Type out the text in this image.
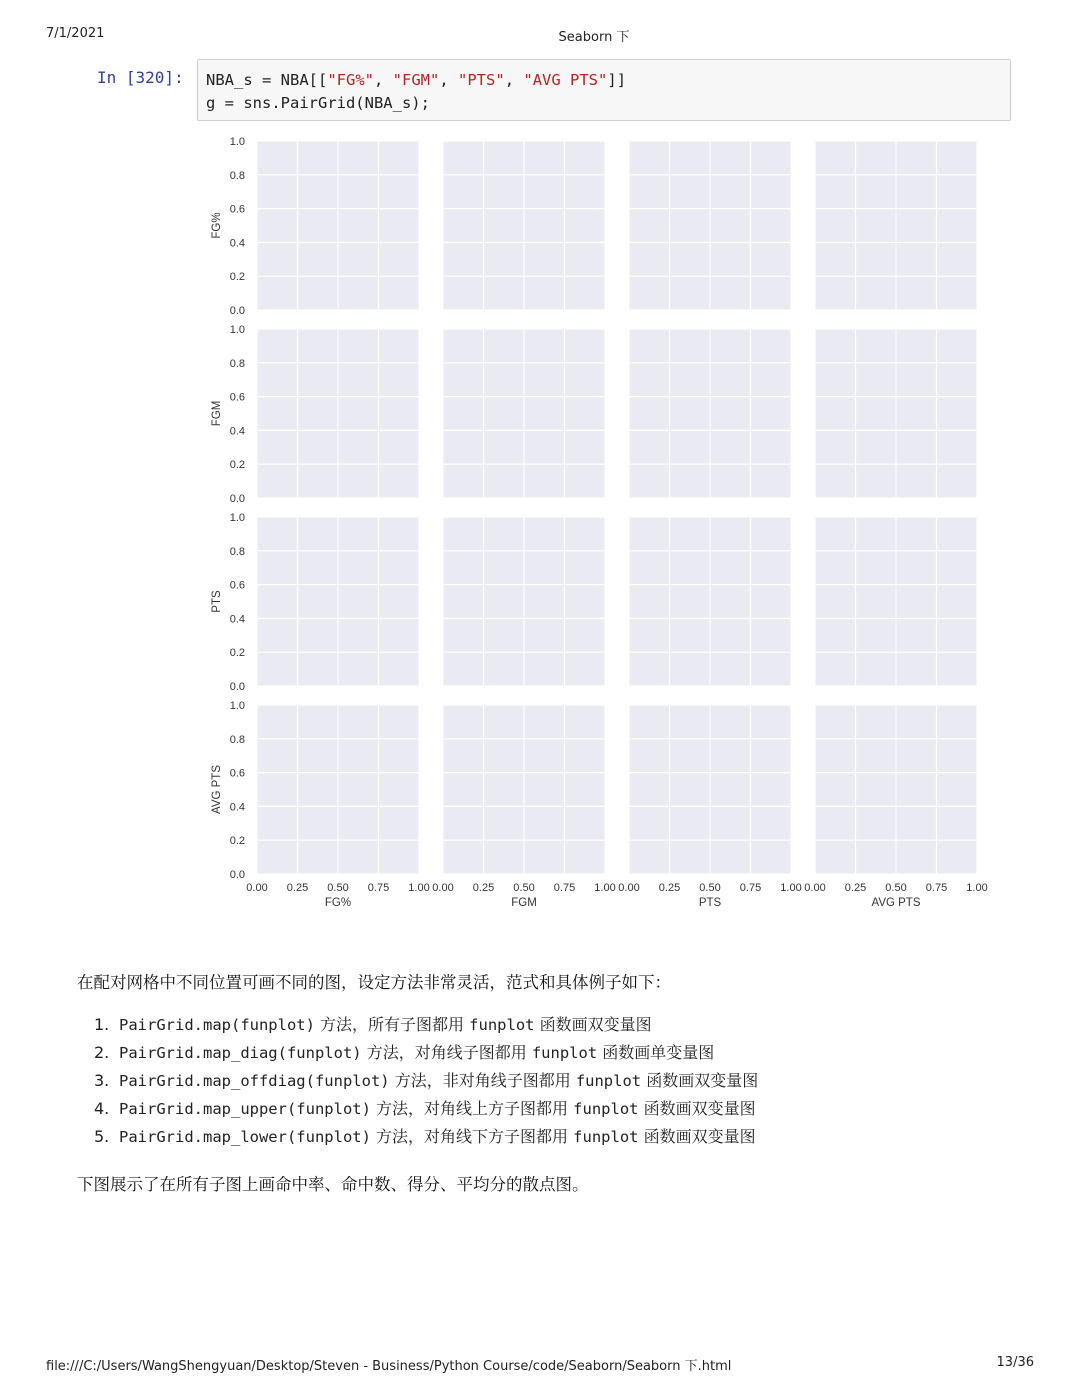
7/1/2021	Seaborn 下
In [320]:	NBA_s = NBA[["FG%", "FGM", "PTS", "AVG PTS"]]
g = sns.PairGrid(NBA_s);
0.0
0.2
0.4
0.6
0.8
1.0
FG%
0.0
0.2
0.4
0.6
0.8
1.0
FGM
0.0
0.2
0.4
0.6
0.8
1.0
PTS
0.0
0.2
0.4
0.6
0.8
1.0
AVG PTS
0.00 0.25 0.50 0.75 1.00
FG%
0.00 0.25 0.50 0.75 1.00
FGM
0.00 0.25 0.50 0.75 1.00
PTS
0.00 0.25 0.50 0.75 1.00
AVG PTS
在配对网格中不同位置可画不同的图，设定方法非常灵活，范式和具体例子如下：
1. PairGrid.map(funplot) 方法，所有子图都用 funplot 函数画双变量图
2. PairGrid.map_diag(funplot) 方法，对角线子图都用 funplot 函数画单变量图
3. PairGrid.map_offdiag(funplot) 方法，非对角线子图都用 funplot 函数画双变量图
4. PairGrid.map_upper(funplot) 方法，对角线上方子图都用 funplot 函数画双变量图
5. PairGrid.map_lower(funplot) 方法，对角线下方子图都用 funplot 函数画双变量图
下图展示了在所有子图上画命中率、命中数、得分、平均分的散点图。
file:///C:/Users/WangShengyuan/Desktop/Steven - Business/Python Course/code/Seaborn/Seaborn 下.html	13/36
